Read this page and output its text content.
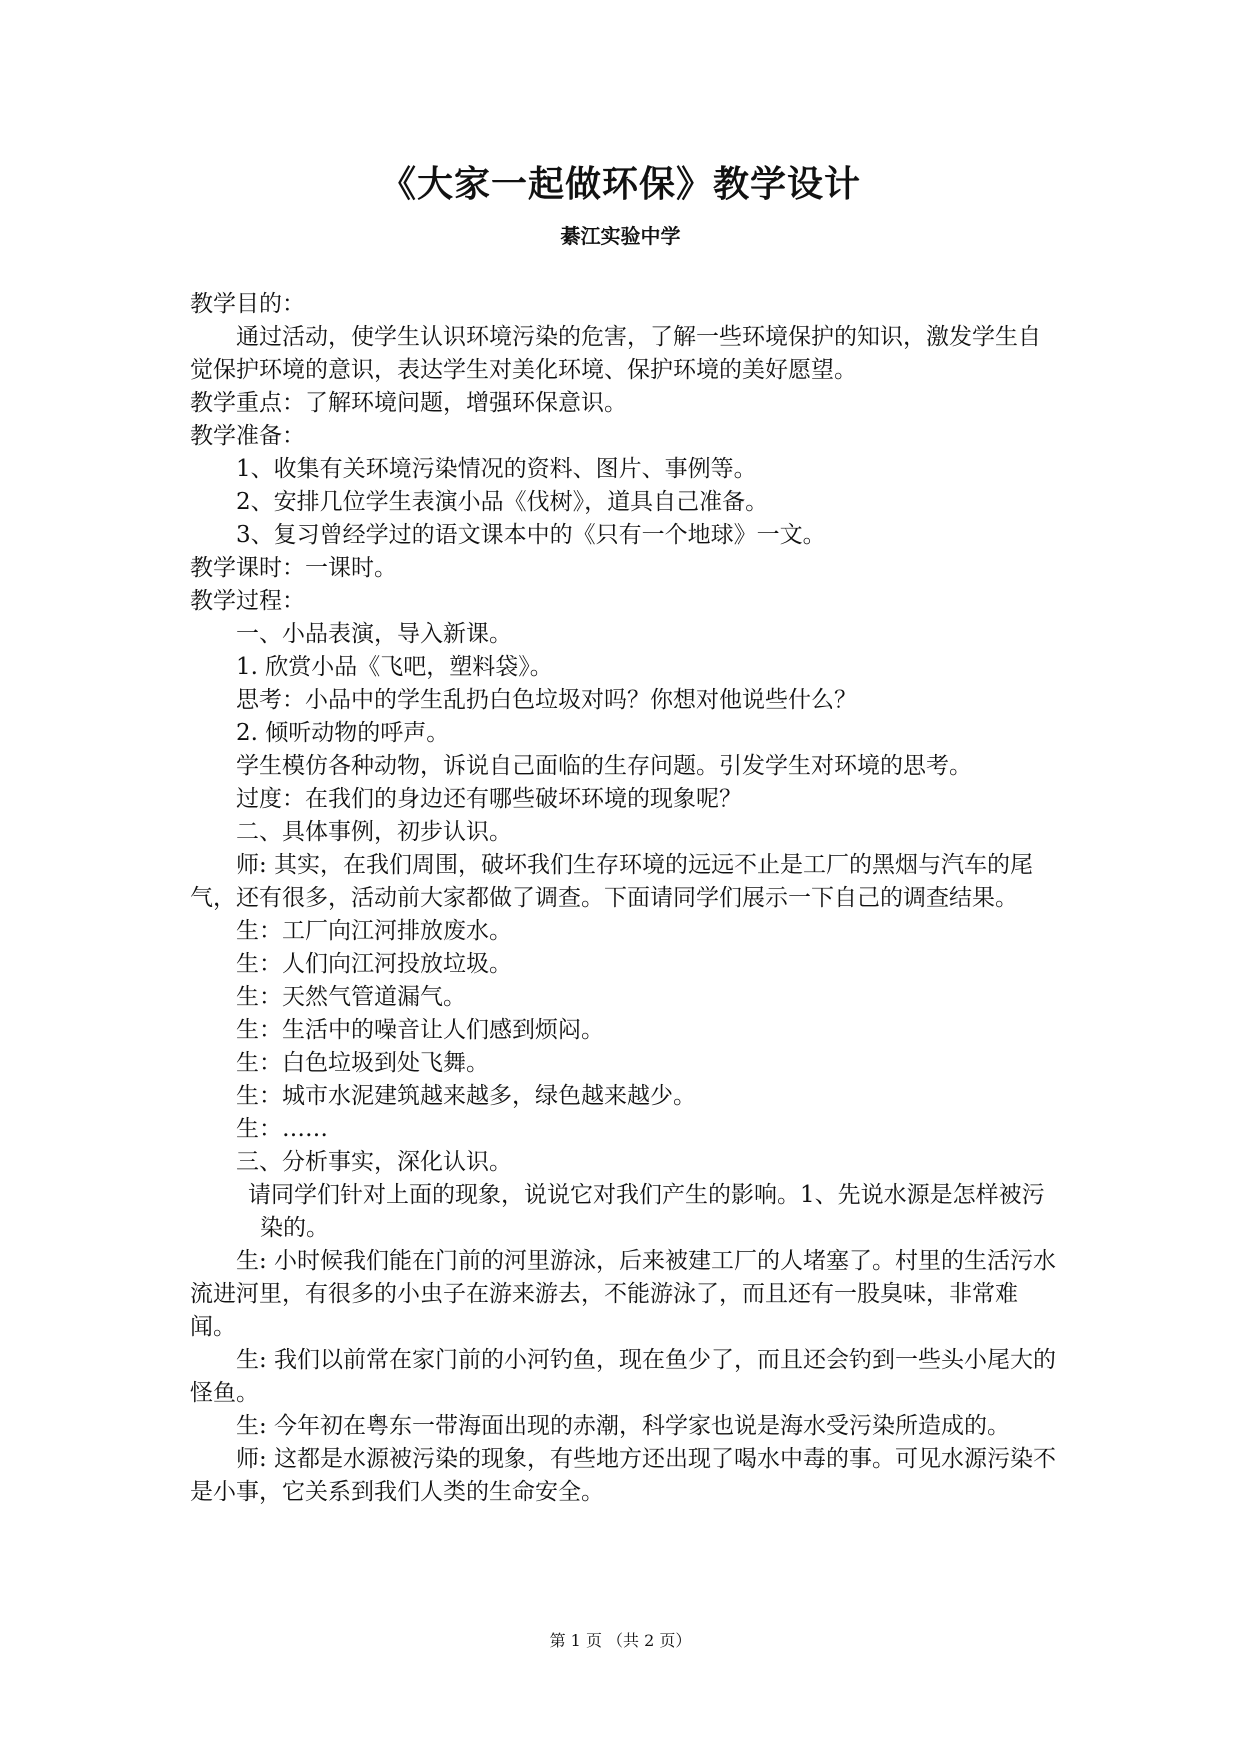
《大家一起做环保》教学设计
綦江实验中学

教学目的：

通过活动，使学生认识环境污染的危害，了解一些环境保护的知识，激发学生自觉保护环境的意识，表达学生对美化环境、保护环境的美好愿望。

教学重点：了解环境问题，增强环保意识。

教学准备：

1、收集有关环境污染情况的资料、图片、事例等。

2、安排几位学生表演小品《伐树》，道具自己准备。

3、复习曾经学过的语文课本中的《只有一个地球》一文。

教学课时：一课时。

教学过程：

一、小品表演，导入新课。

1. 欣赏小品《飞吧，塑料袋》。

思考：小品中的学生乱扔白色垃圾对吗？你想对他说些什么？

2. 倾听动物的呼声。

学生模仿各种动物，诉说自己面临的生存问题。引发学生对环境的思考。

过度：在我们的身边还有哪些破坏环境的现象呢？

二、具体事例，初步认识。

师: 其实，在我们周围，破坏我们生存环境的远远不止是工厂的黑烟与汽车的尾气，还有很多，活动前大家都做了调查。下面请同学们展示一下自己的调查结果。

生：工厂向江河排放废水。

生：人们向江河投放垃圾。

生：天然气管道漏气。

生：生活中的噪音让人们感到烦闷。

生：白色垃圾到处飞舞。

生：城市水泥建筑越来越多，绿色越来越少。

生：……

三、分析事实，深化认识。

请同学们针对上面的现象，说说它对我们产生的影响。1、先说水源是怎样被污染的。

生: 小时候我们能在门前的河里游泳，后来被建工厂的人堵塞了。村里的生活污水流进河里，有很多的小虫子在游来游去，不能游泳了，而且还有一股臭味，非常难闻。

生: 我们以前常在家门前的小河钓鱼，现在鱼少了，而且还会钓到一些头小尾大的怪鱼。

生: 今年初在粤东一带海面出现的赤潮，科学家也说是海水受污染所造成的。

师: 这都是水源被污染的现象，有些地方还出现了喝水中毒的事。可见水源污染不是小事，它关系到我们人类的生命安全。

第 1 页 （共 2 页）
